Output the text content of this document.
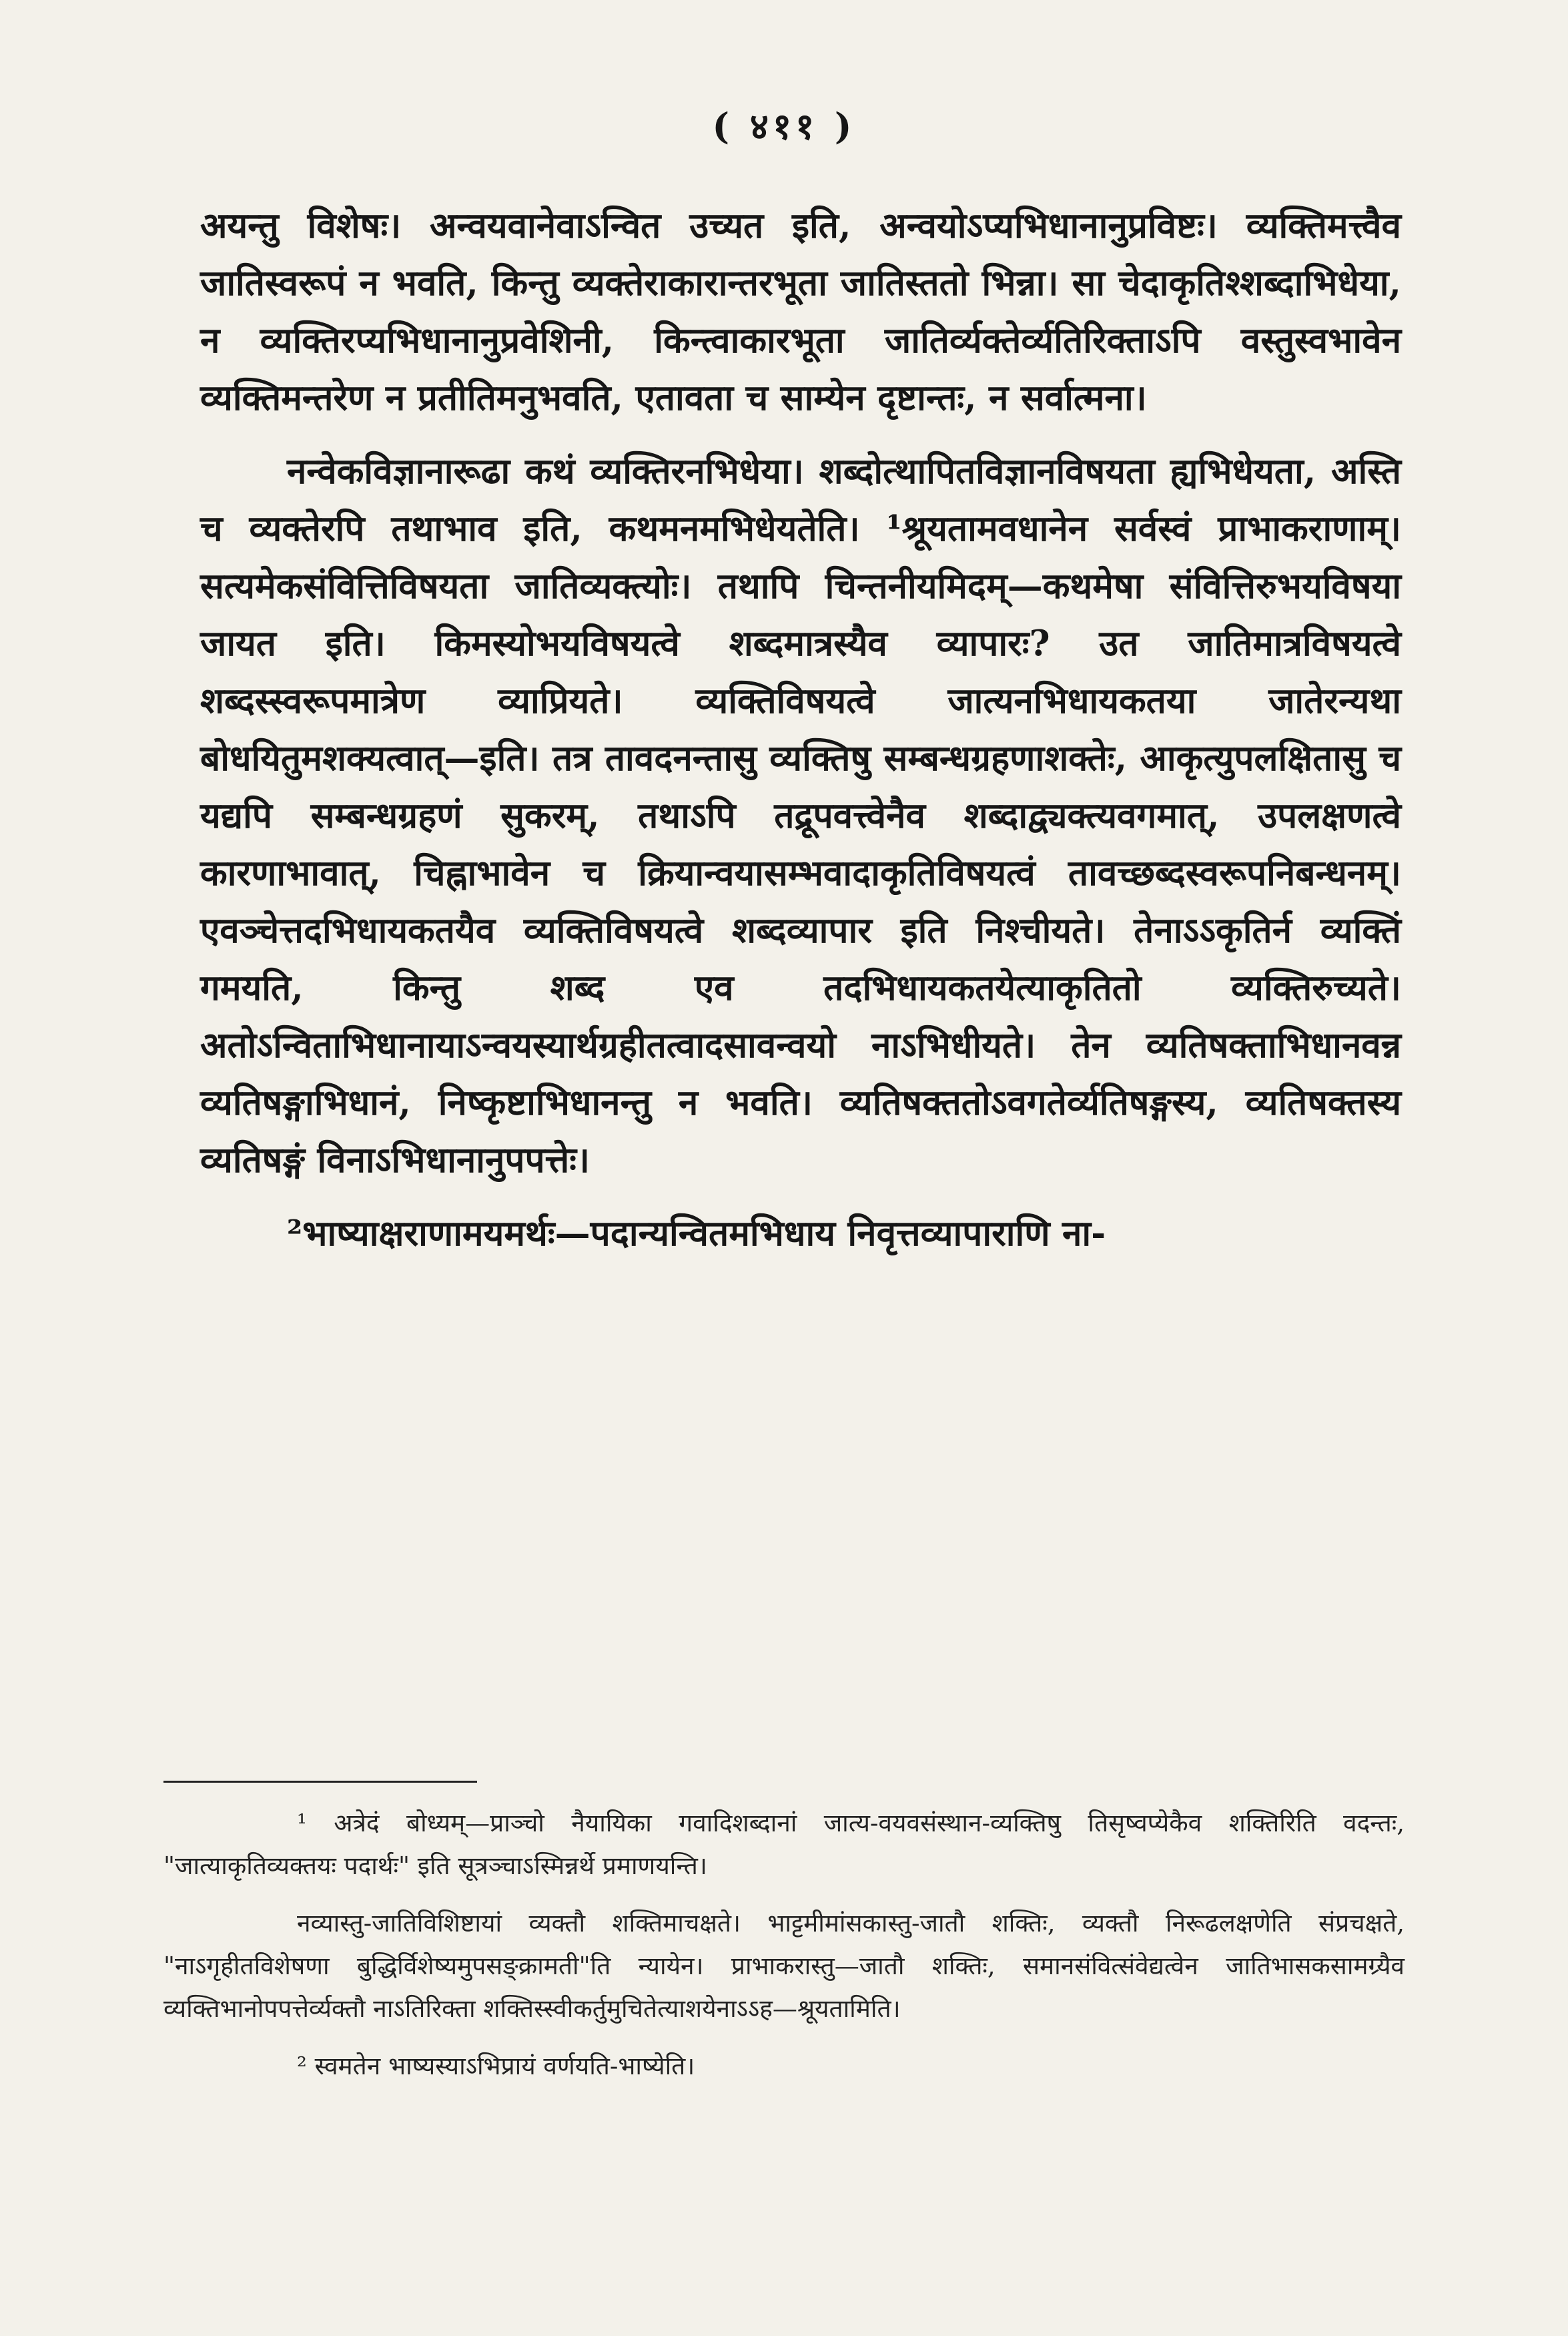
( ४११ )

अयन्तु विशेषः। अन्वयवानेवाऽन्वित उच्यत इति, अन्वयोऽप्यभिधानानुप्रविष्टः। व्यक्तिमत्त्वैव जातिस्वरूपं न भवति, किन्तु व्यक्तेराकारान्तरभूता जातिस्ततो भिन्ना। सा चेदाकृतिश्शब्दाभिधेया, न व्यक्तिरप्यभिधानानुप्रवेशिनी, किन्त्वाकारभूता जातिर्व्यक्तेर्व्यतिरिक्ताऽपि वस्तुस्वभावेन व्यक्तिमन्तरेण न प्रतीतिमनुभवति, एतावता च साम्येन दृष्टान्तः, न सर्वात्मना।

नन्वेकविज्ञानारूढा कथं व्यक्तिरनभिधेया। शब्दोत्थापितविज्ञानविषयता ह्यभिधेयता, अस्ति च व्यक्तेरपि तथाभाव इति, कथमनमभिधेयतेति। ¹श्रूयतामवधानेन सर्वस्वं प्राभाकराणाम्। सत्यमेकसंवित्तिविषयता जातिव्यक्त्योः। तथापि चिन्तनीयमिदम्—कथमेषा संवित्तिरुभयविषया जायत इति। किमस्योभयविषयत्वे शब्दमात्रस्यैव व्यापारः? उत जातिमात्रविषयत्वे शब्दस्स्वरूपमात्रेण व्याप्रियते। व्यक्तिविषयत्वे जात्यनभिधायकतया जातेरन्यथा बोधयितुमशक्यत्वात्—इति। तत्र तावदनन्तासु व्यक्तिषु सम्बन्धग्रहणाशक्तेः, आकृत्युपलक्षितासु च यद्यपि सम्बन्धग्रहणं सुकरम्, तथाऽपि तद्रूपवत्त्वेनैव शब्दाद्व्यक्त्यवगमात्, उपलक्षणत्वे कारणाभावात्, चिह्नाभावेन च क्रियान्वयासम्भवादाकृतिविषयत्वं तावच्छब्दस्वरूपनिबन्धनम्। एवञ्चेत्तदभिधायकतयैव व्यक्तिविषयत्वे शब्दव्यापार इति निश्चीयते। तेनाऽऽकृतिर्न व्यक्तिं गमयति, किन्तु शब्द एव तदभिधायकतयेत्याकृतितो व्यक्तिरुच्यते। अतोऽन्विताभिधानायाऽन्वयस्यार्थग्रहीतत्वादसावन्वयो नाऽभिधीयते। तेन व्यतिषक्ताभिधानवन्न व्यतिषङ्गाभिधानं, निष्कृष्टाभिधानन्तु न भवति। व्यतिषक्ततोऽवगतेर्व्यतिषङ्गस्य, व्यतिषक्तस्य व्यतिषङ्गं विनाऽभिधानानुपपत्तेः।

²भाष्याक्षराणामयमर्थः—पदान्यन्वितमभिधाय निवृत्तव्यापाराणि ना-

¹ अत्रेदं बोध्यम्—प्राञ्चो नैयायिका गवादिशब्दानां जात्य-वयवसंस्थान-व्यक्तिषु तिसृष्वप्येकैव शक्तिरिति वदन्तः, "जात्याकृतिव्यक्तयः पदार्थः" इति सूत्रञ्चाऽस्मिन्नर्थे प्रमाणयन्ति।

नव्यास्तु-जातिविशिष्टायां व्यक्तौ शक्तिमाचक्षते। भाट्टमीमांसकास्तु-जातौ शक्तिः, व्यक्तौ निरूढलक्षणेति संप्रचक्षते, "नाऽगृहीतविशेषणा बुद्धिर्विशेष्यमुपसङ्क्रामती"ति न्यायेन। प्राभाकरास्तु—जातौ शक्तिः, समानसंवित्संवेद्यत्वेन जातिभासकसामग्र्यैव व्यक्तिभानोपपत्तेर्व्यक्तौ नाऽतिरिक्ता शक्तिस्स्वीकर्तुमुचितेत्याशयेनाऽऽह—श्रूयतामिति।

² स्वमतेन भाष्यस्याऽभिप्रायं वर्णयति-भाष्येति।
